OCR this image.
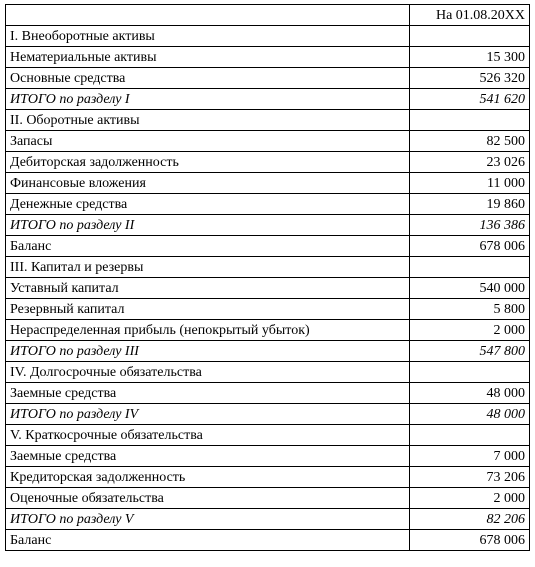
	На 01.08.20XX
I. Внеоборотные активы	
Нематериальные активы	15 300
Основные средства	526 320
ИТОГО по разделу I	541 620
II. Оборотные активы	
Запасы	82 500
Дебиторская задолженность	23 026
Финансовые вложения	11 000
Денежные средства	19 860
ИТОГО по разделу II	136 386
Баланс	678 006
III. Капитал и резервы	
Уставный капитал	540 000
Резервный капитал	5 800
Нераспределенная прибыль (непокрытый убыток)	2 000
ИТОГО по разделу III	547 800
IV. Долгосрочные обязательства	
Заемные средства	48 000
ИТОГО по разделу IV	48 000
V. Краткосрочные обязательства	
Заемные средства	7 000
Кредиторская задолженность	73 206
Оценочные обязательства	2 000
ИТОГО по разделу V	82 206
Баланс	678 006
